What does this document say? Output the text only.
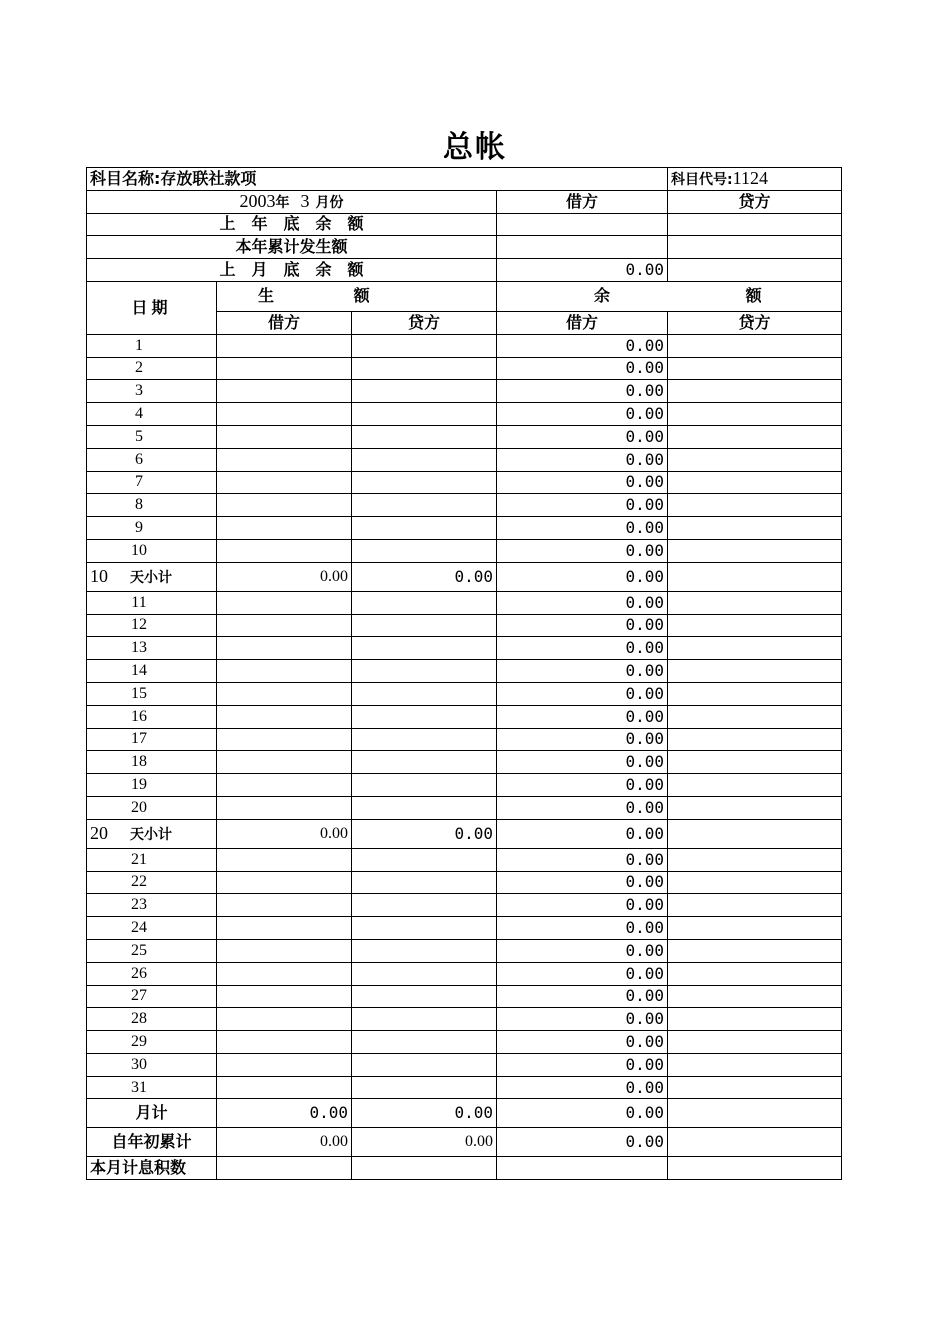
总帐
科目名称:存放联社款项				科目代号:1124
2003年 3 月份			借方	贷方
上　年　底　余　额				
本年累计发生额				
上　月　底　余　额			0.00	
日期	生 额		余 额	
	借方	贷方	借方	贷方
1			0.00	
2			0.00	
3			0.00	
4			0.00	
5			0.00	
6			0.00	
7			0.00	
8			0.00	
9			0.00	
10			0.00	
10 天小计	0.00	0.00	0.00	
11			0.00	
12			0.00	
13			0.00	
14			0.00	
15			0.00	
16			0.00	
17			0.00	
18			0.00	
19			0.00	
20			0.00	
20 天小计	0.00	0.00	0.00	
21			0.00	
22			0.00	
23			0.00	
24			0.00	
25			0.00	
26			0.00	
27			0.00	
28			0.00	
29			0.00	
30			0.00	
31			0.00	
月计	0.00	0.00	0.00	
自年初累计	0.00	0.00	0.00	
本月计息积数				
